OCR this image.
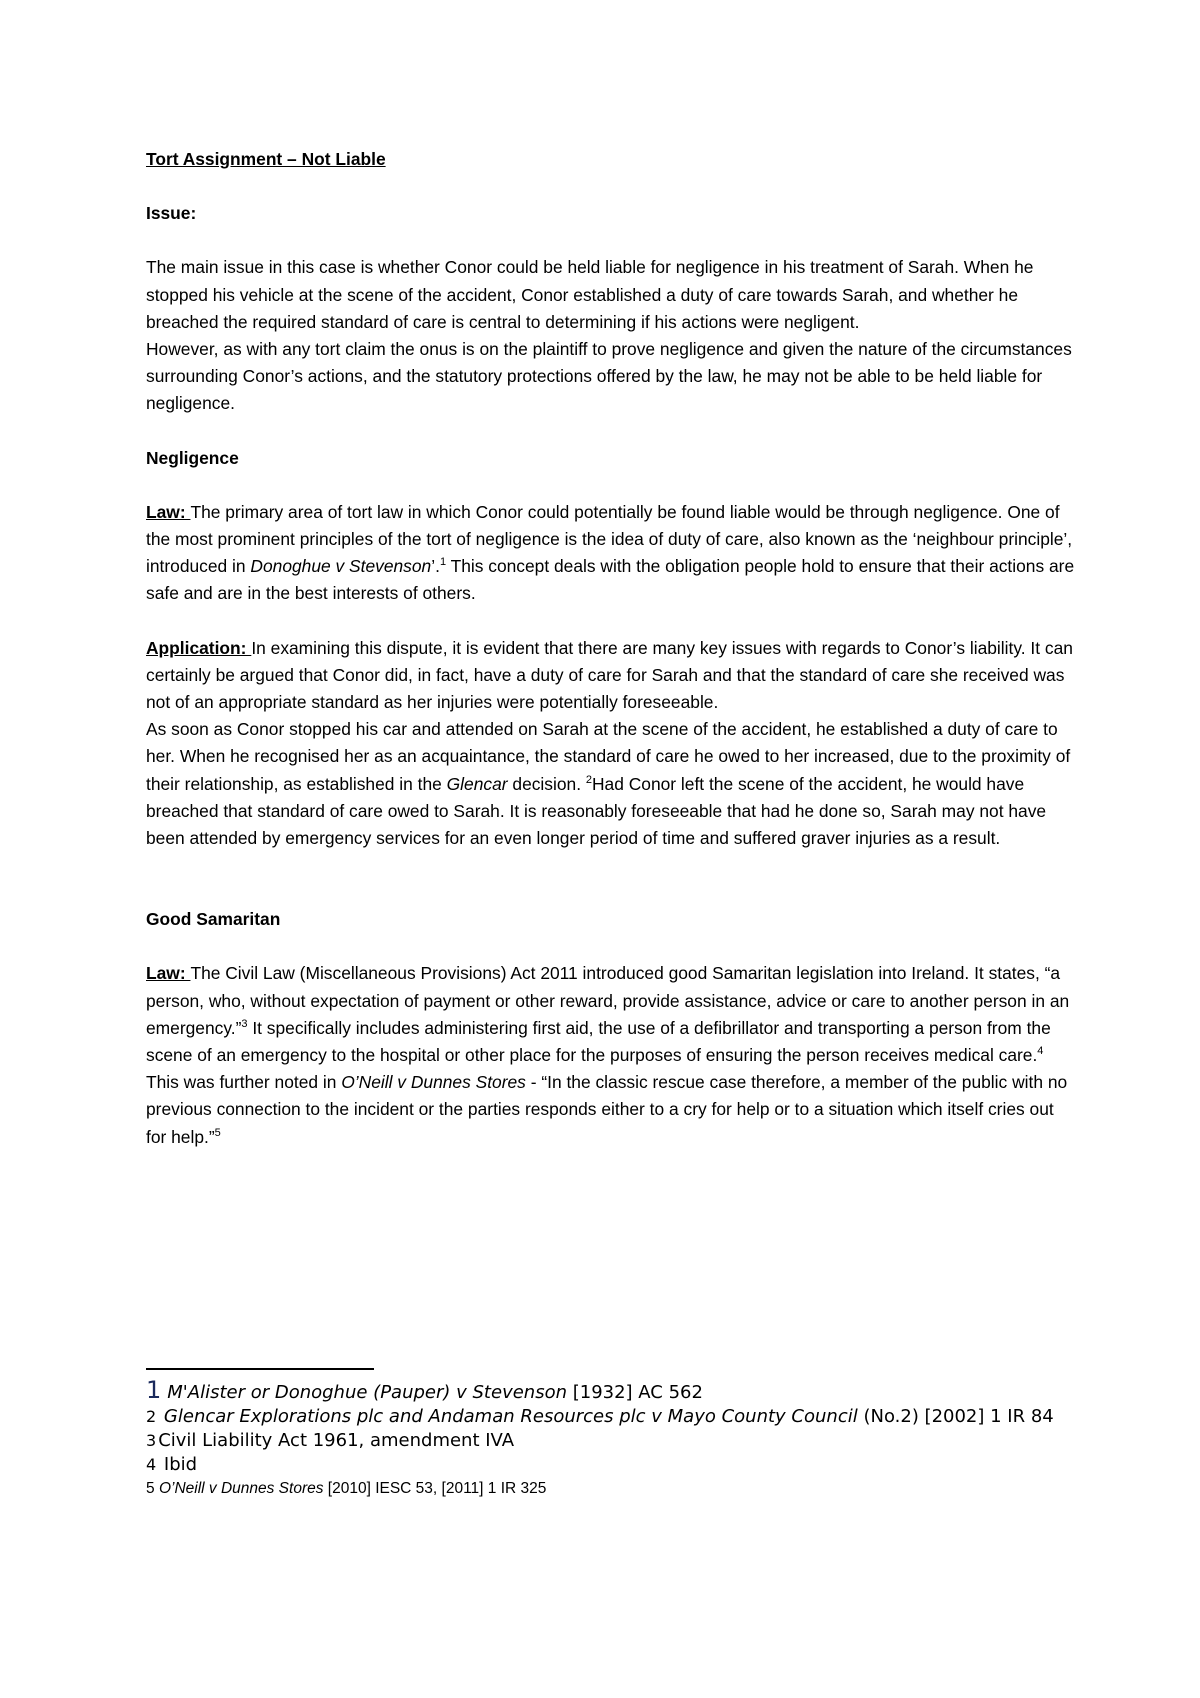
Tort Assignment – Not Liable

Issue:

The main issue in this case is whether Conor could be held liable for negligence in his treatment of Sarah. When he stopped his vehicle at the scene of the accident, Conor established a duty of care towards Sarah, and whether he breached the required standard of care is central to determining if his actions were negligent.

However, as with any tort claim the onus is on the plaintiff to prove negligence and given the nature of the circumstances surrounding Conor’s actions, and the statutory protections offered by the law, he may not be able to be held liable for negligence.

Negligence

Law: The primary area of tort law in which Conor could potentially be found liable would be through negligence. One of the most prominent principles of the tort of negligence is the idea of duty of care, also known as the ‘neighbour principle’, introduced in Donoghue v Stevenson’.$^1$ This concept deals with the obligation people hold to ensure that their actions are safe and are in the best interests of others.

Application: In examining this dispute, it is evident that there are many key issues with regards to Conor’s liability. It can certainly be argued that Conor did, in fact, have a duty of care for Sarah and that the standard of care she received was not of an appropriate standard as her injuries were potentially foreseeable.

As soon as Conor stopped his car and attended on Sarah at the scene of the accident, he established a duty of care to her. When he recognised her as an acquaintance, the standard of care he owed to her increased, due to the proximity of their relationship, as established in the Glencar decision. $^2$Had Conor left the scene of the accident, he would have breached that standard of care owed to Sarah. It is reasonably foreseeable that had he done so, Sarah may not have been attended by emergency services for an even longer period of time and suffered graver injuries as a result.

Good Samaritan

Law: The Civil Law (Miscellaneous Provisions) Act 2011 introduced good Samaritan legislation into Ireland. It states, “a person, who, without expectation of payment or other reward, provide assistance, advice or care to another person in an emergency.”$^3$ It specifically includes administering first aid, the use of a defibrillator and transporting a person from the scene of an emergency to the hospital or other place for the purposes of ensuring the person receives medical care.$^4$

This was further noted in O’Neill v Dunnes Stores - “In the classic rescue case therefore, a member of the public with no previous connection to the incident or the parties responds either to a cry for help or to a situation which itself cries out for help.”$^5$

1 M'Alister or Donoghue (Pauper) v Stevenson [1932] AC 562

2 Glencar Explorations plc and Andaman Resources plc v Mayo County Council (No.2) [2002] 1 IR 84

3 Civil Liability Act 1961, amendment IVA

4 Ibid

5 O’Neill v Dunnes Stores [2010] IESC 53, [2011] 1 IR 325
